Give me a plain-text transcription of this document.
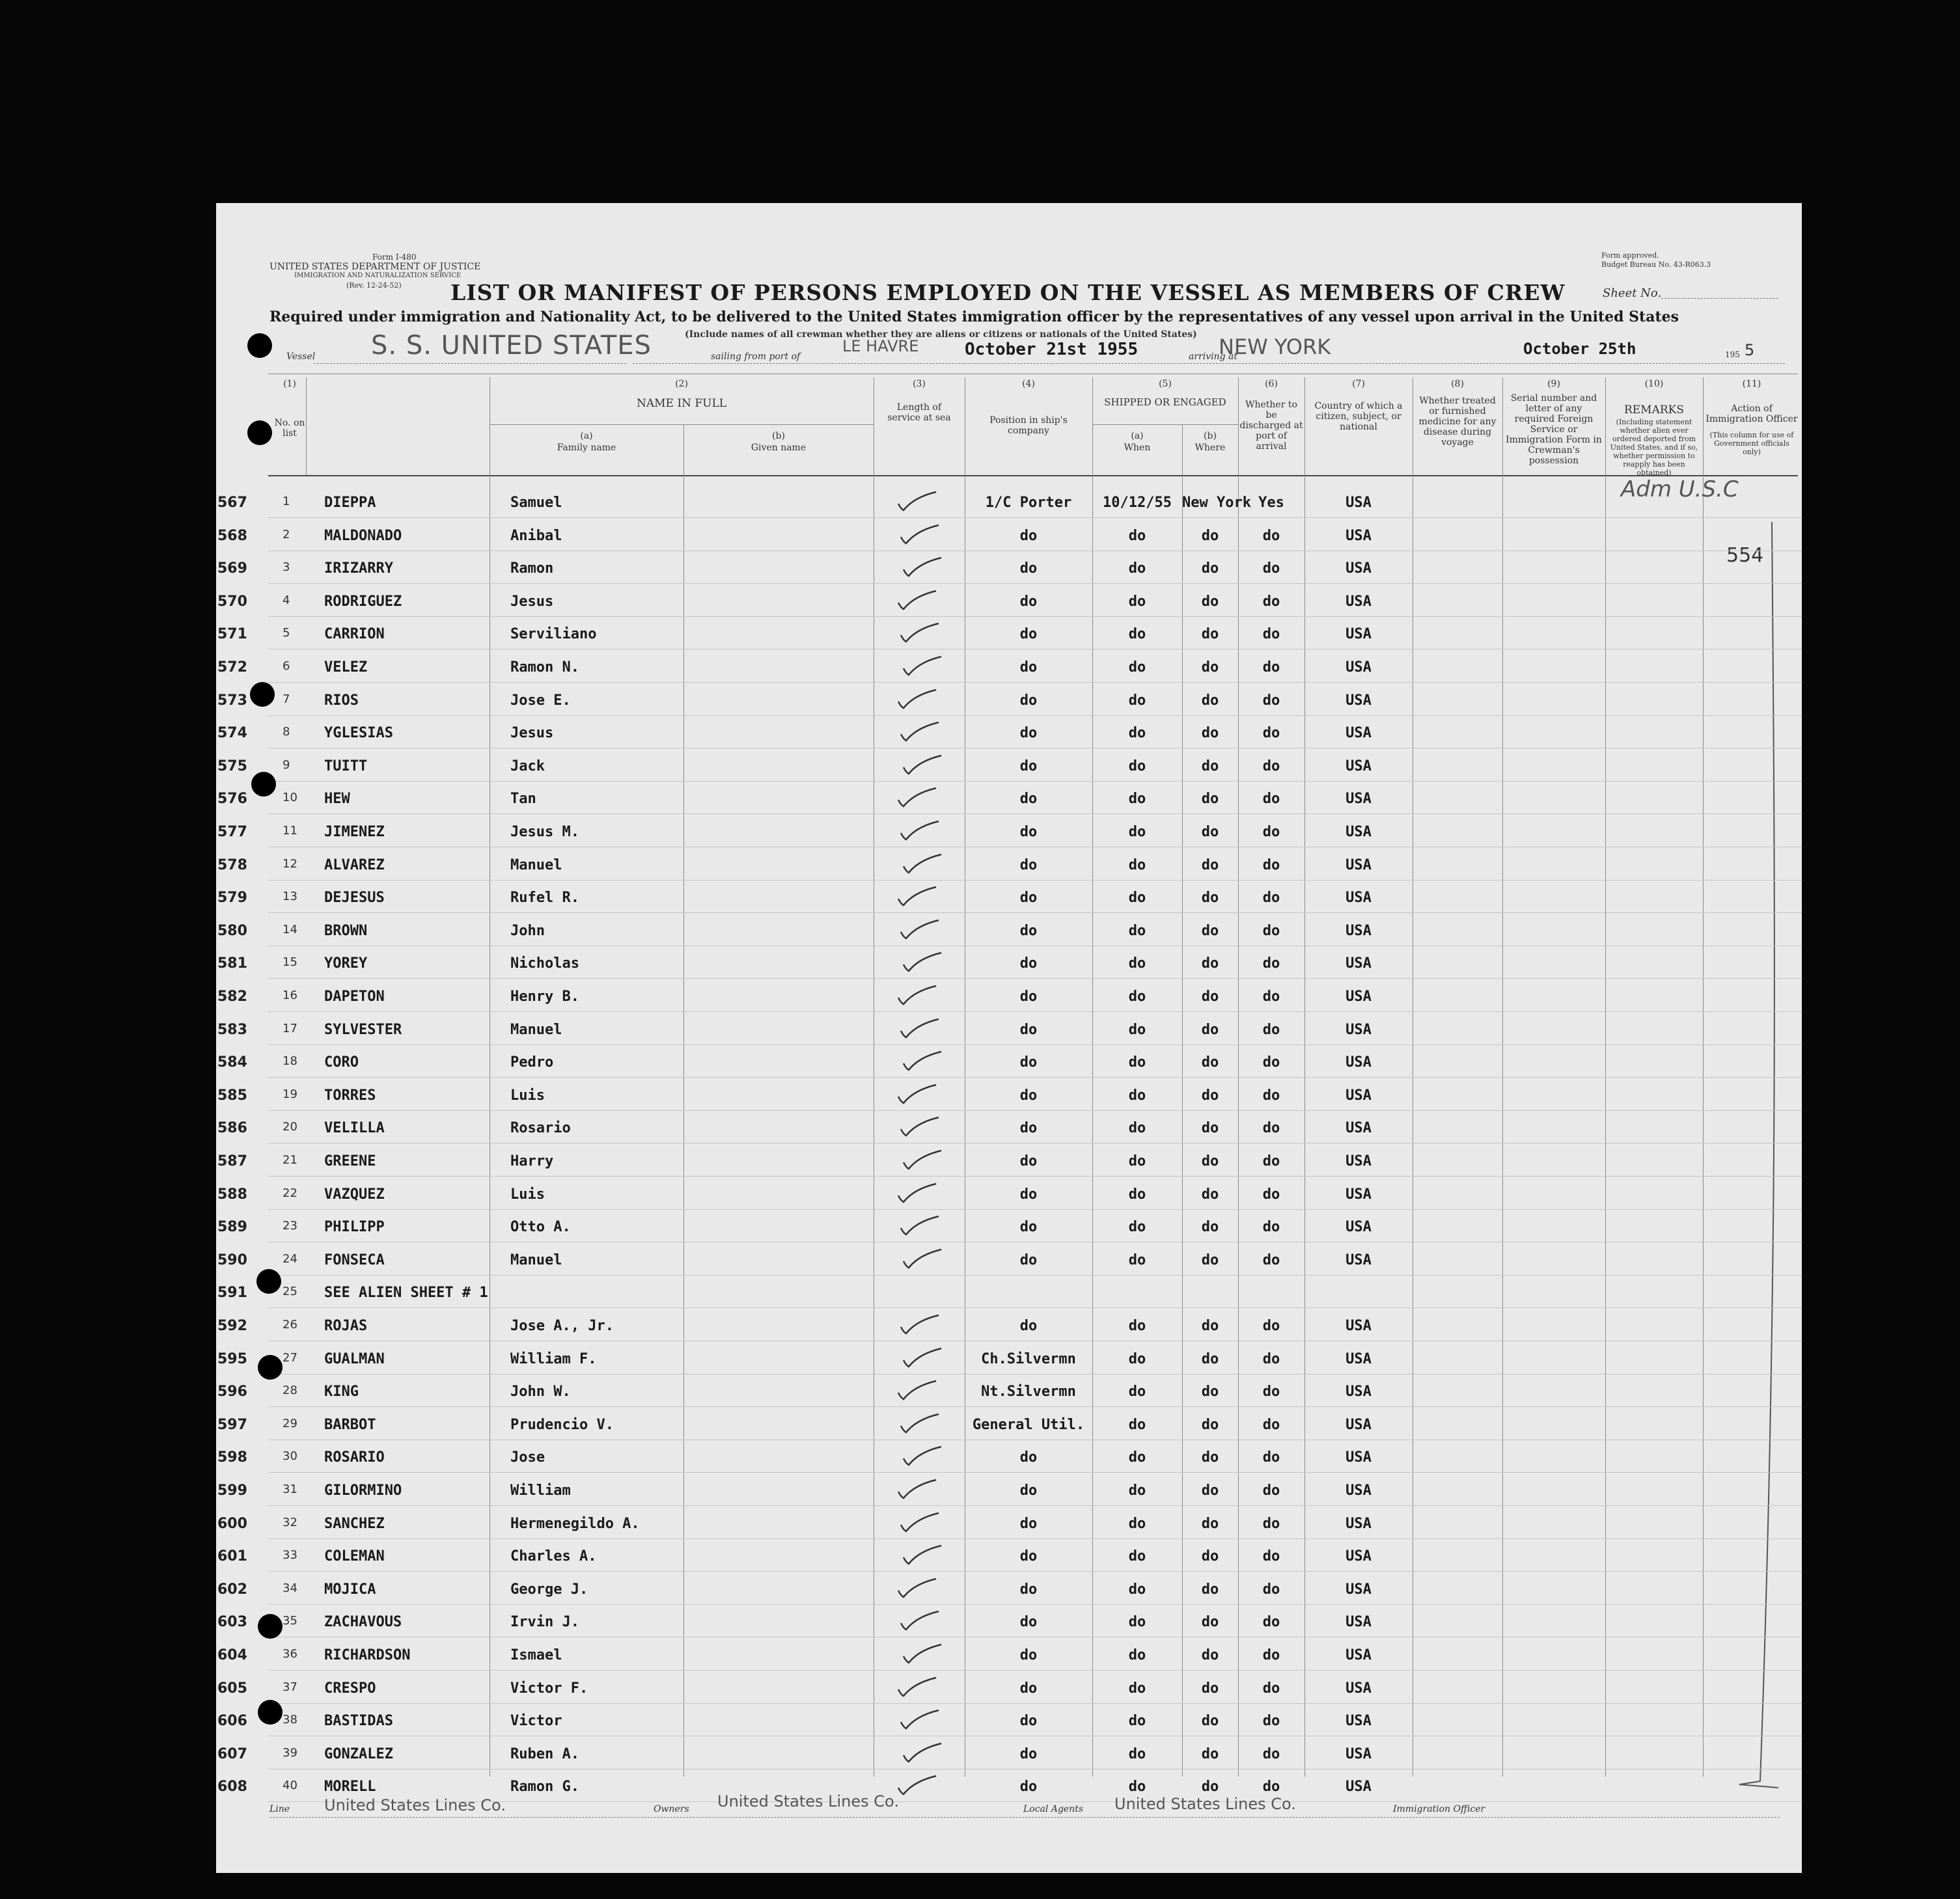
Form I-480
UNITED STATES DEPARTMENT OF JUSTICE
IMMIGRATION AND NATURALIZATION SERVICE
(Rev. 12-24-52)
Form approved.
Budget Bureau No. 43-R063.3
LIST OR MANIFEST OF PERSONS EMPLOYED ON THE VESSEL AS MEMBERS OF CREW	Sheet No.
Required under immigration and Nationality Act, to be delivered to the United States immigration officer by the representatives of any vessel upon arrival in the United States
(Include names of all crewman whether they are aliens or citizens or nationals of the United States)
Vessel S. S. UNITED STATES	sailing from port of
LE HAVRE	October 21st 1955	arriving at
NEW YORK	October 25th	195 5
(1)
No. on list
(2)
NAME IN FULL
(a)
Family name
(b)
Given name
(3)
Length of service at sea
(4)
Position in ship's company
(5)
SHIPPED OR ENGAGED
(a)
When
(b)
Where
(6)
Whether to be discharged at port of arrival
(7)
Country of which a citizen, subject, or national
(8)
Whether treated or furnished medicine for any disease during voyage
(9)
Serial number and letter of any required Foreign Service or Immigration Form in Crewman's possession
(10)
REMARKS
(Including statement whether alien ever ordered deported from United States, and if so, whether permission to reapply has been obtained)
(11)
Action of Immigration Officer
(This column for use of Government officials only)
Adm U.S.C
554
567	1 DIEPPA	Samuel	1/C Porter	10/12/55 New York Yes	USA
568	2 MALDONADO	Anibal	do	do	do	do	USA
569	3 IRIZARRY	Ramon	do	do	do	do	USA
570	4 RODRIGUEZ	Jesus	do	do	do	do	USA
571	5 CARRION	Serviliano	do	do	do	do	USA
572	6 VELEZ	Ramon N.	do	do	do	do	USA
573	7 RIOS	Jose E.	do	do	do	do	USA
574	8 YGLESIAS	Jesus	do	do	do	do	USA
575	9 TUITT	Jack	do	do	do	do	USA
576	10 HEW	Tan	do	do	do	do	USA
577	11 JIMENEZ	Jesus M.	do	do	do	do	USA
578	12 ALVAREZ	Manuel	do	do	do	do	USA
579	13 DEJESUS	Rufel R.	do	do	do	do	USA
580	14 BROWN	John	do	do	do	do	USA
581	15 YOREY	Nicholas	do	do	do	do	USA
582	16 DAPETON	Henry B.	do	do	do	do	USA
583	17 SYLVESTER	Manuel	do	do	do	do	USA
584	18 CORO	Pedro	do	do	do	do	USA
585	19 TORRES	Luis	do	do	do	do	USA
586	20 VELILLA	Rosario	do	do	do	do	USA
587	21 GREENE	Harry	do	do	do	do	USA
588	22 VAZQUEZ	Luis	do	do	do	do	USA
589	23 PHILIPP	Otto A.	do	do	do	do	USA
590	24 FONSECA	Manuel	do	do	do	do	USA
591	25 SEE ALIEN SHEET # 1
592	26 ROJAS	Jose A., Jr.	do	do	do	do	USA
595	27 GUALMAN	William F.	Ch.Silvermn	do	do	do	USA
596	28 KING	John W.	Nt.Silvermn	do	do	do	USA
597	29 BARBOT	Prudencio V.	General Util.	do	do	do	USA
598	30 ROSARIO	Jose	do	do	do	do	USA
599	31 GILORMINO	William	do	do	do	do	USA
600	32 SANCHEZ	Hermenegildo A.	do	do	do	do	USA
601	33 COLEMAN	Charles A.	do	do	do	do	USA
602	34 MOJICA	George J.	do	do	do	do	USA
603	35 ZACHAVOUS	Irvin J.	do	do	do	do	USA
604	36 RICHARDSON	Ismael	do	do	do	do	USA
605	37 CRESPO	Victor F.	do	do	do	do	USA
606	38 BASTIDAS	Victor	do	do	do	do	USA
607	39 GONZALEZ	Ruben A.	do	do	do	do	USA
608	40 MORELL	Ramon G.	do	do	do	do	USA
Line United States Lines Co.	Owners United States Lines Co.	Local Agents United States Lines Co.	Immigration Officer
